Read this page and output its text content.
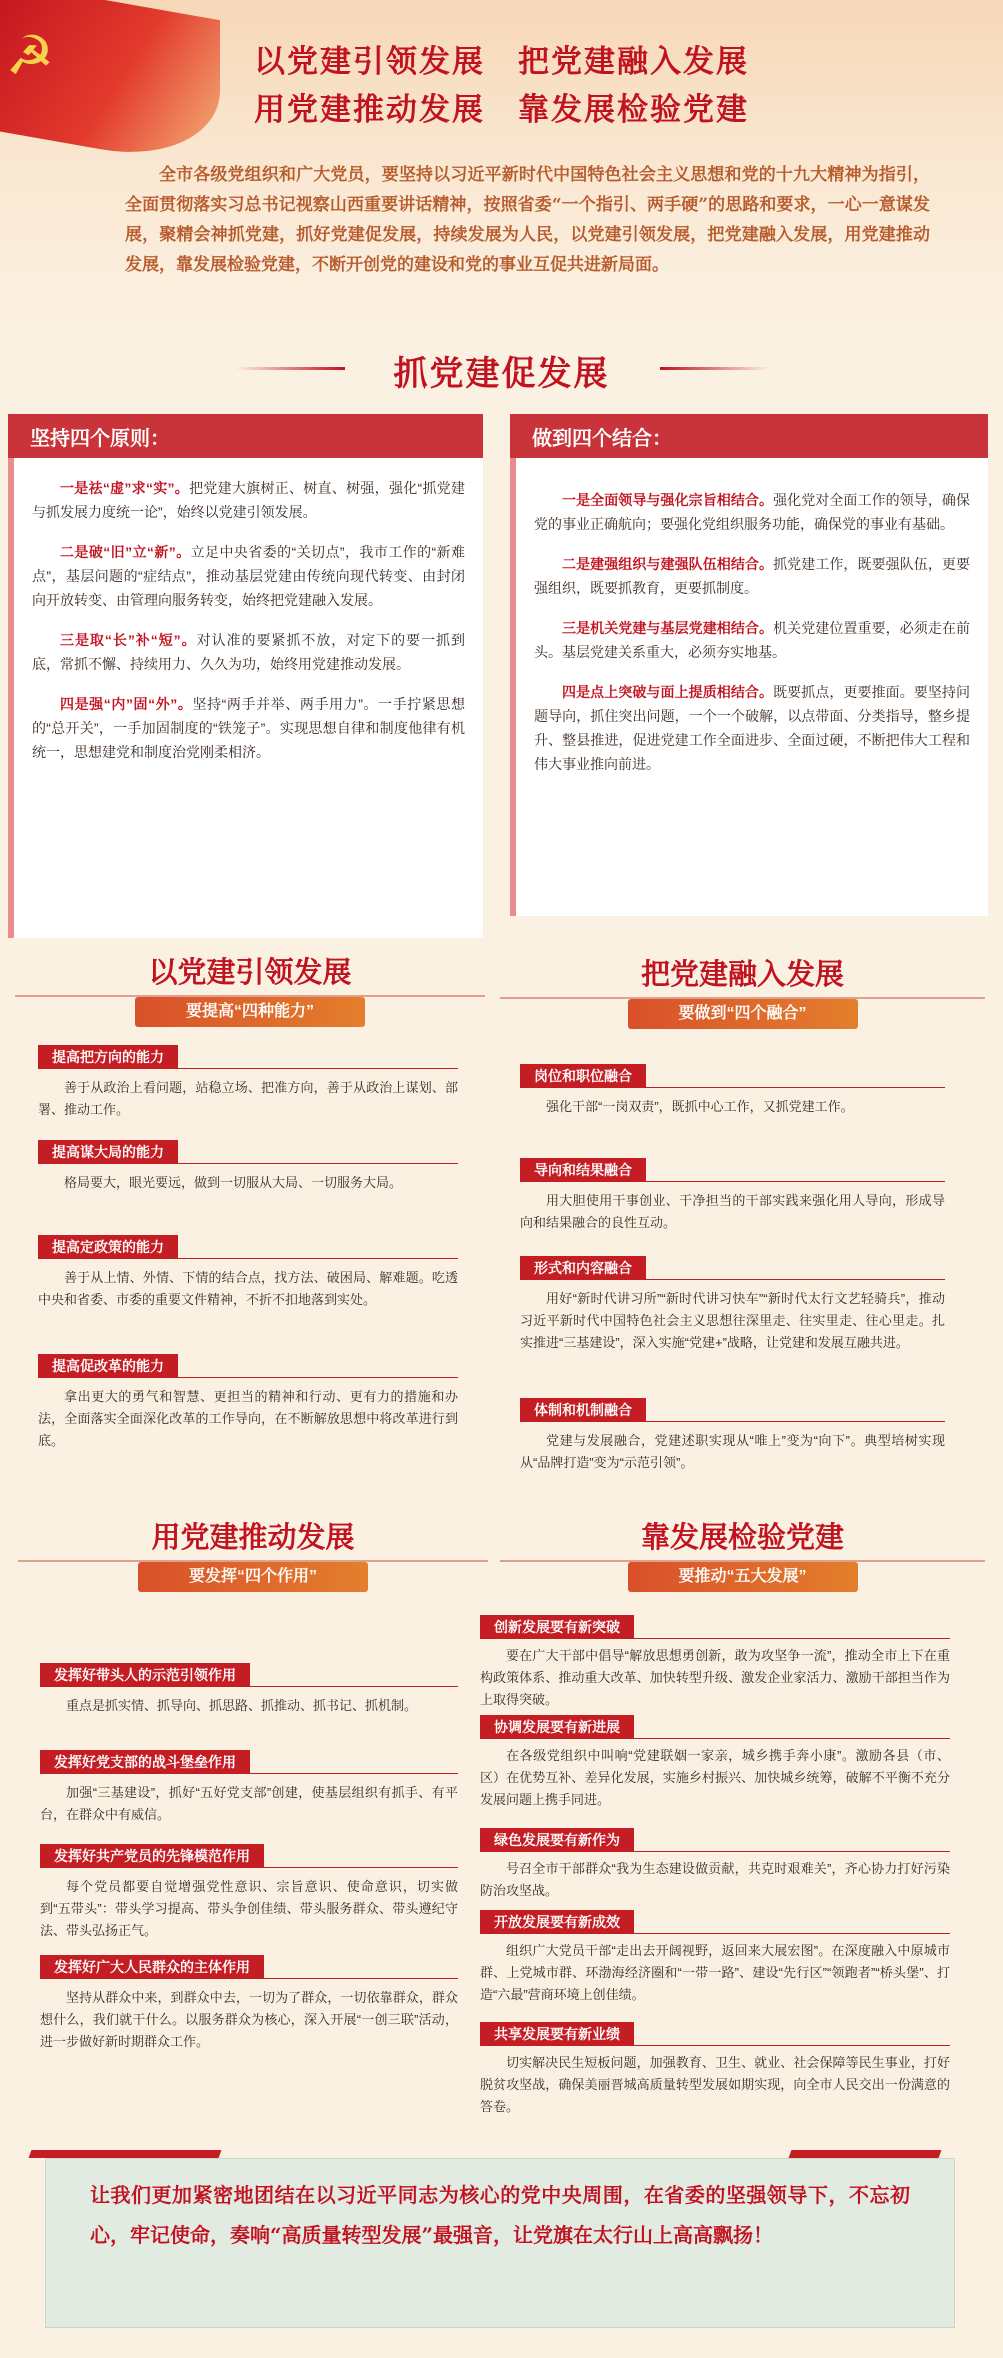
☭	以党建引领发展　把党建融入发展
用党建推动发展　靠发展检验党建
全市各级党组织和广大党员，要坚持以习近平新时代中国特色社会主义思想和党的十九大精神为指引，全面贯彻落实习总书记视察山西重要讲话精神，按照省委“一个指引、两手硬”的思路和要求，一心一意谋发展，聚精会神抓党建，抓好党建促发展，持续发展为人民，以党建引领发展，把党建融入发展，用党建推动发展，靠发展检验党建，不断开创党的建设和党的事业互促共进新局面。
抓党建促发展
坚持四个原则：

一是祛“虚”求“实”。把党建大旗树正、树直、树强，强化“抓党建与抓发展力度统一论”，始终以党建引领发展。

二是破“旧”立“新”。立足中央省委的“关切点”，我市工作的“新难点”，基层问题的“症结点”，推动基层党建由传统向现代转变、由封闭向开放转变、由管理向服务转变，始终把党建融入发展。

三是取“长”补“短”。对认准的要紧抓不放，对定下的要一抓到底，常抓不懈、持续用力、久久为功，始终用党建推动发展。

四是强“内”固“外”。坚持“两手并举、两手用力”。一手拧紧思想的“总开关”，一手加固制度的“铁笼子”。实现思想自律和制度他律有机统一，思想建党和制度治党刚柔相济。

做到四个结合：

一是全面领导与强化宗旨相结合。强化党对全面工作的领导，确保党的事业正确航向；要强化党组织服务功能，确保党的事业有基础。

二是建强组织与建强队伍相结合。抓党建工作，既要强队伍，更要强组织，既要抓教育，更要抓制度。

三是机关党建与基层党建相结合。机关党建位置重要，必须走在前头。基层党建关系重大，必须夯实地基。

四是点上突破与面上提质相结合。既要抓点，更要推面。要坚持问题导向，抓住突出问题，一个一个破解，以点带面、分类指导，整乡提升、整县推进，促进党建工作全面进步、全面过硬，不断把伟大工程和伟大事业推向前进。

以党建引领发展
要提高“四种能力”
提高把方向的能力
善于从政治上看问题，站稳立场、把准方向，善于从政治上谋划、部署、推动工作。
提高谋大局的能力
格局要大，眼光要远，做到一切服从大局、一切服务大局。
提高定政策的能力
善于从上情、外情、下情的结合点，找方法、破困局、解难题。吃透中央和省委、市委的重要文件精神，不折不扣地落到实处。
提高促改革的能力
拿出更大的勇气和智慧、更担当的精神和行动、更有力的措施和办法，全面落实全面深化改革的工作导向，在不断解放思想中将改革进行到底。
把党建融入发展
要做到“四个融合”
岗位和职位融合
强化干部“一岗双责”，既抓中心工作，又抓党建工作。
导向和结果融合
用大胆使用干事创业、干净担当的干部实践来强化用人导向，形成导向和结果融合的良性互动。
形式和内容融合
用好“新时代讲习所”“新时代讲习快车”“新时代太行文艺轻骑兵”，推动习近平新时代中国特色社会主义思想往深里走、往实里走、往心里走。扎实推进“三基建设”，深入实施“党建+”战略，让党建和发展互融共进。
体制和机制融合
党建与发展融合，党建述职实现从“唯上”变为“向下”。典型培树实现从“品牌打造”变为“示范引领”。
用党建推动发展
要发挥“四个作用”
发挥好带头人的示范引领作用
重点是抓实情、抓导向、抓思路、抓推动、抓书记、抓机制。
发挥好党支部的战斗堡垒作用
加强“三基建设”，抓好“五好党支部”创建，使基层组织有抓手、有平台，在群众中有威信。
发挥好共产党员的先锋模范作用
每个党员都要自觉增强党性意识、宗旨意识、使命意识，切实做到“五带头”：带头学习提高、带头争创佳绩、带头服务群众、带头遵纪守法、带头弘扬正气。
发挥好广大人民群众的主体作用
坚持从群众中来，到群众中去，一切为了群众，一切依靠群众，群众想什么，我们就干什么。以服务群众为核心，深入开展“一创三联”活动，进一步做好新时期群众工作。
靠发展检验党建
要推动“五大发展”
创新发展要有新突破
要在广大干部中倡导“解放思想勇创新，敢为攻坚争一流”，推动全市上下在重构政策体系、推动重大改革、加快转型升级、激发企业家活力、激励干部担当作为上取得突破。
协调发展要有新进展
在各级党组织中叫响“党建联姻一家亲，城乡携手奔小康”。激励各县（市、区）在优势互补、差异化发展，实施乡村振兴、加快城乡统筹，破解不平衡不充分发展问题上携手同进。
绿色发展要有新作为
号召全市干部群众“我为生态建设做贡献，共克时艰难关”，齐心协力打好污染防治攻坚战。
开放发展要有新成效
组织广大党员干部“走出去开阔视野，返回来大展宏图”。在深度融入中原城市群、上党城市群、环渤海经济圈和“一带一路”、建设“先行区”“领跑者”“桥头堡”、打造“六最”营商环境上创佳绩。
共享发展要有新业绩
切实解决民生短板问题，加强教育、卫生、就业、社会保障等民生事业，打好脱贫攻坚战，确保美丽晋城高质量转型发展如期实现，向全市人民交出一份满意的答卷。
让我们更加紧密地团结在以习近平同志为核心的党中央周围，在省委的坚强领导下，不忘初心，牢记使命，奏响“高质量转型发展”最强音，让党旗在太行山上高高飘扬！
